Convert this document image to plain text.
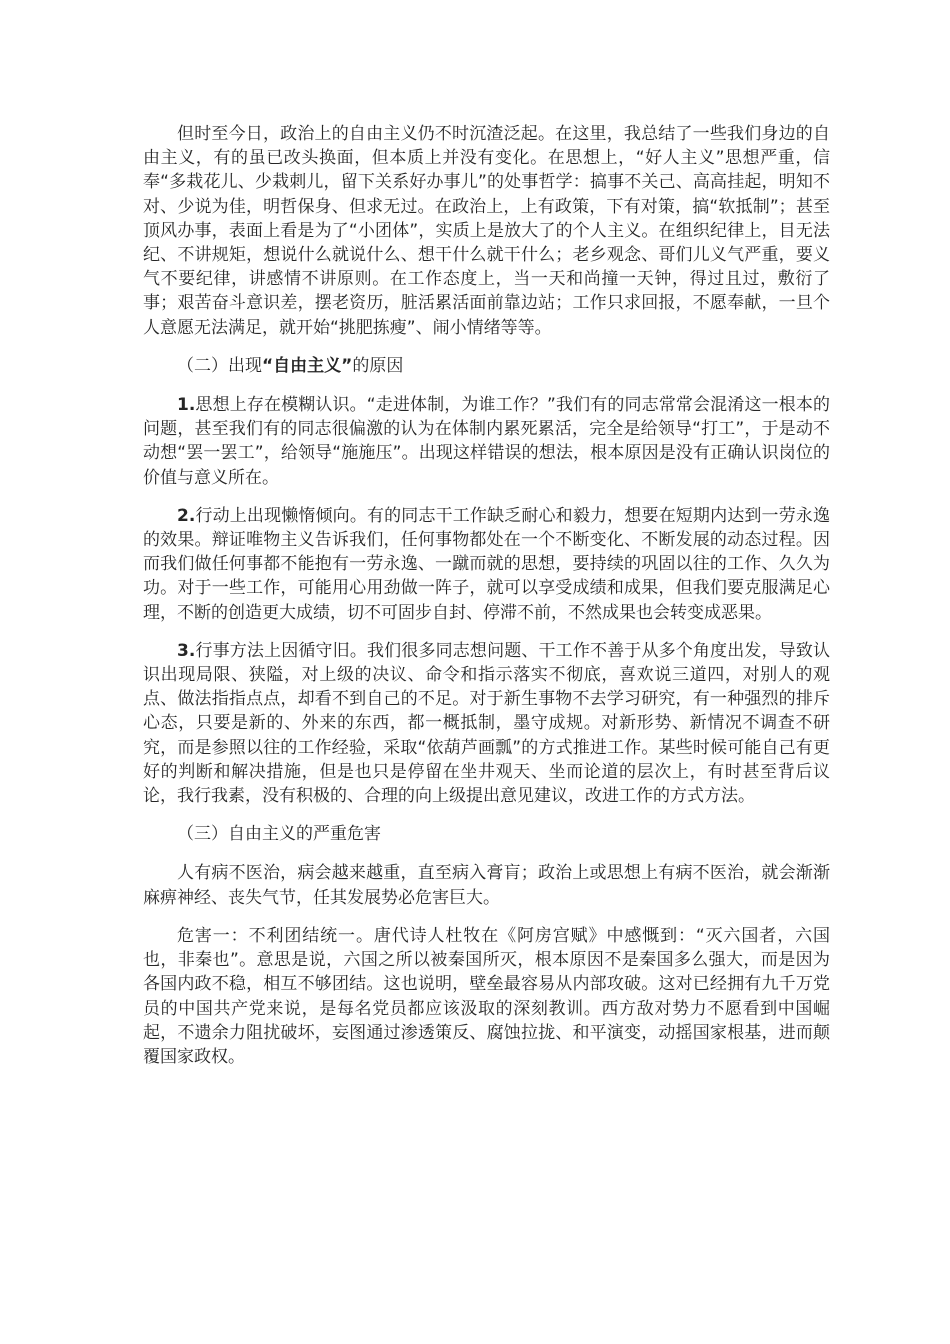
但时至今日，政治上的自由主义仍不时沉渣泛起。在这里，我总结了一些我们身边的自由主义，有的虽已改头换面，但本质上并没有变化。在思想上，“好人主义”思想严重，信奉“多栽花儿、少栽刺儿，留下关系好办事儿”的处事哲学：搞事不关己、高高挂起，明知不对、少说为佳，明哲保身、但求无过。在政治上，上有政策，下有对策，搞“软抵制”；甚至顶风办事，表面上看是为了“小团体”，实质上是放大了的个人主义。在组织纪律上，目无法纪、不讲规矩，想说什么就说什么、想干什么就干什么；老乡观念、哥们儿义气严重，要义气不要纪律，讲感情不讲原则。在工作态度上，当一天和尚撞一天钟，得过且过，敷衍了事；艰苦奋斗意识差，摆老资历，脏活累活面前靠边站；工作只求回报，不愿奉献，一旦个人意愿无法满足，就开始“挑肥拣瘦”、闹小情绪等等。

（二）出现“自由主义”的原因

1.思想上存在模糊认识。“走进体制，为谁工作？”我们有的同志常常会混淆这一根本的问题，甚至我们有的同志很偏激的认为在体制内累死累活，完全是给领导“打工”，于是动不动想“罢一罢工”，给领导“施施压”。出现这样错误的想法，根本原因是没有正确认识岗位的价值与意义所在。

2.行动上出现懒惰倾向。有的同志干工作缺乏耐心和毅力，想要在短期内达到一劳永逸的效果。辩证唯物主义告诉我们，任何事物都处在一个不断变化、不断发展的动态过程。因而我们做任何事都不能抱有一劳永逸、一蹴而就的思想，要持续的巩固以往的工作、久久为功。对于一些工作，可能用心用劲做一阵子，就可以享受成绩和成果，但我们要克服满足心理，不断的创造更大成绩，切不可固步自封、停滞不前，不然成果也会转变成恶果。

3.行事方法上因循守旧。我们很多同志想问题、干工作不善于从多个角度出发，导致认识出现局限、狭隘，对上级的决议、命令和指示落实不彻底，喜欢说三道四，对别人的观点、做法指指点点，却看不到自己的不足。对于新生事物不去学习研究，有一种强烈的排斥心态，只要是新的、外来的东西，都一概抵制，墨守成规。对新形势、新情况不调查不研究，而是参照以往的工作经验，采取“依葫芦画瓢”的方式推进工作。某些时候可能自己有更好的判断和解决措施，但是也只是停留在坐井观天、坐而论道的层次上，有时甚至背后议论，我行我素，没有积极的、合理的向上级提出意见建议，改进工作的方式方法。

（三）自由主义的严重危害

人有病不医治，病会越来越重，直至病入膏肓；政治上或思想上有病不医治，就会渐渐麻痹神经、丧失气节，任其发展势必危害巨大。

危害一：不利团结统一。唐代诗人杜牧在《阿房宫赋》中感慨到：“灭六国者，六国也，非秦也”。意思是说，六国之所以被秦国所灭，根本原因不是秦国多么强大，而是因为各国内政不稳，相互不够团结。这也说明，壁垒最容易从内部攻破。这对已经拥有九千万党员的中国共产党来说，是每名党员都应该汲取的深刻教训。西方敌对势力不愿看到中国崛起，不遗余力阻扰破坏，妄图通过渗透策反、腐蚀拉拢、和平演变，动摇国家根基，进而颠覆国家政权。
